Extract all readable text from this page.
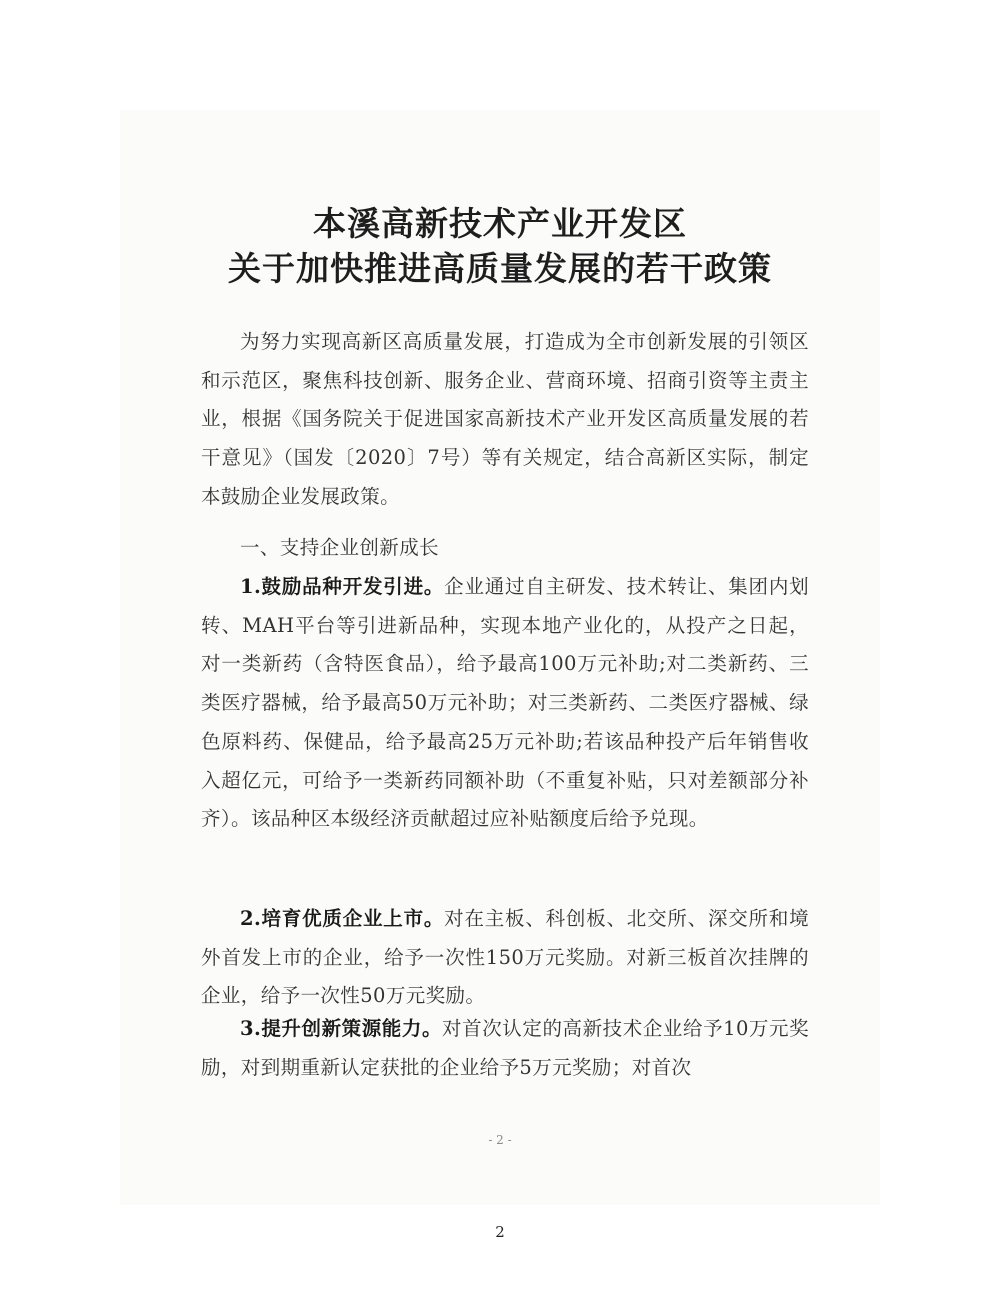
本溪高新技术产业开发区
关于加快推进高质量发展的若干政策
为努力实现高新区高质量发展，打造成为全市创新发展的引领区和示范区，聚焦科技创新、服务企业、营商环境、招商引资等主责主业，根据《国务院关于促进国家高新技术产业开发区高质量发展的若干意见》（国发〔2020〕7号）等有关规定，结合高新区实际，制定本鼓励企业发展政策。
一、支持企业创新成长
1.鼓励品种开发引进。企业通过自主研发、技术转让、集团内划转、MAH平台等引进新品种，实现本地产业化的，从投产之日起，对一类新药（含特医食品），给予最高100万元补助;对二类新药、三类医疗器械，给予最高50万元补助；对三类新药、二类医疗器械、绿色原料药、保健品，给予最高25万元补助;若该品种投产后年销售收入超亿元，可给予一类新药同额补助（不重复补贴，只对差额部分补齐）。该品种区本级经济贡献超过应补贴额度后给予兑现。
2.培育优质企业上市。对在主板、科创板、北交所、深交所和境外首发上市的企业，给予一次性150万元奖励。对新三板首次挂牌的企业，给予一次性50万元奖励。
3.提升创新策源能力。对首次认定的高新技术企业给予10万元奖励，对到期重新认定获批的企业给予5万元奖励；对首次
- 2 -
2
